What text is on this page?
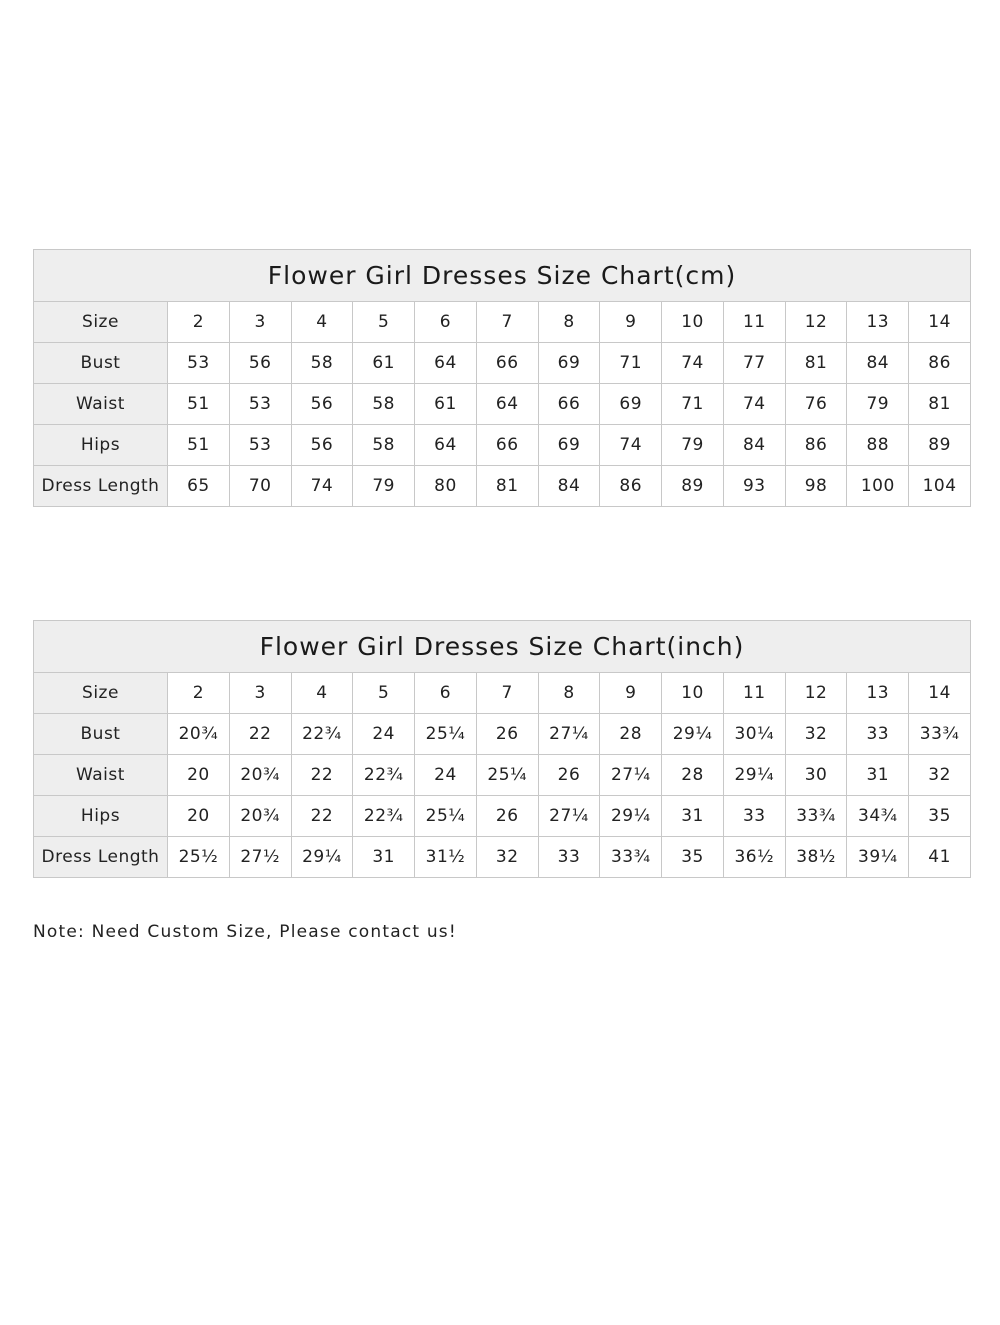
Flower Girl Dresses Size Chart(cm)													
Size	2	3	4	5	6	7	8	9	10	11	12	13	14
Bust	53	56	58	61	64	66	69	71	74	77	81	84	86
Waist	51	53	56	58	61	64	66	69	71	74	76	79	81
Hips	51	53	56	58	64	66	69	74	79	84	86	88	89
Dress Length	65	70	74	79	80	81	84	86	89	93	98	100	104
Flower Girl Dresses Size Chart(inch)													
Size	2	3	4	5	6	7	8	9	10	11	12	13	14
Bust	20¾	22	22¾	24	25¼	26	27¼	28	29¼	30¼	32	33	33¾
Waist	20	20¾	22	22¾	24	25¼	26	27¼	28	29¼	30	31	32
Hips	20	20¾	22	22¾	25¼	26	27¼	29¼	31	33	33¾	34¾	35
Dress Length	25½	27½	29¼	31	31½	32	33	33¾	35	36½	38½	39¼	41

Note: Need Custom Size, Please contact us!
